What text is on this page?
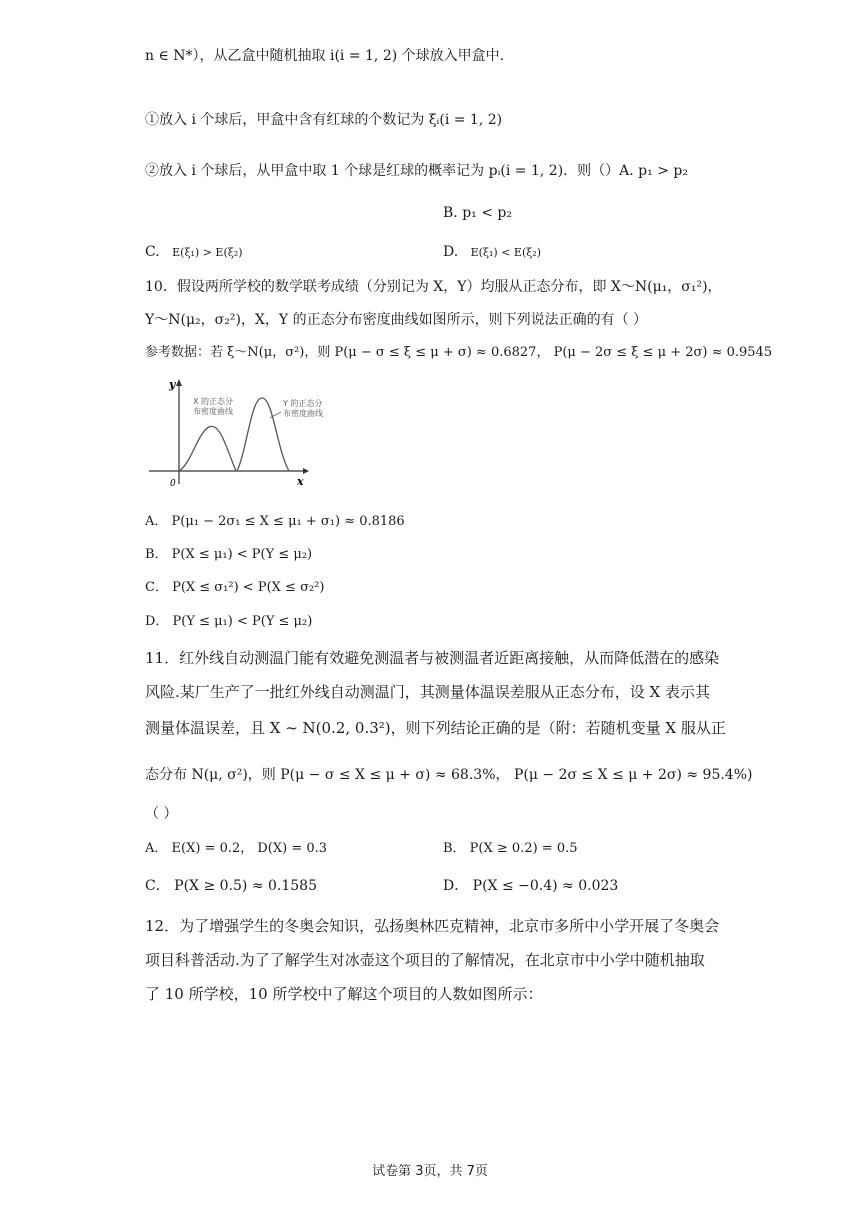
n ∈ N*），从乙盒中随机抽取 i(i = 1, 2) 个球放入甲盒中.
①放入 i 个球后，甲盒中含有红球的个数记为 ξᵢ(i = 1, 2)
②放入 i 个球后，从甲盒中取 1 个球是红球的概率记为 pᵢ(i = 1, 2)．则（）A. p₁ > p₂
B. p₁ < p₂
C. E(ξ₁) > E(ξ₂)	D. E(ξ₁) < E(ξ₂)
10．假设两所学校的数学联考成绩（分别记为 X，Y）均服从正态分布，即 X～N(μ₁，σ₁²)，
Y～N(μ₂，σ₂²)，X，Y 的正态分布密度曲线如图所示，则下列说法正确的有（ ）
参考数据：若 ξ～N(μ，σ²)，则 P(μ − σ ≤ ξ ≤ μ + σ) ≈ 0.6827， P(μ − 2σ ≤ ξ ≤ μ + 2σ) ≈ 0.9545
y
x
0
X 的正态分
布密度曲线
Y 的正态分
布密度曲线
A． P(μ₁ − 2σ₁ ≤ X ≤ μ₁ + σ₁) ≈ 0.8186
B． P(X ≤ μ₁) < P(Y ≤ μ₂)
C． P(X ≤ σ₁²) < P(X ≤ σ₂²)
D． P(Y ≤ μ₁) < P(Y ≤ μ₂)
11．红外线自动测温门能有效避免测温者与被测温者近距离接触，从而降低潜在的感染
风险.某厂生产了一批红外线自动测温门，其测量体温误差服从正态分布，设 X 表示其
测量体温误差，且 X ~ N(0.2, 0.3²)，则下列结论正确的是（附：若随机变量 X 服从正
态分布 N(μ, σ²)，则 P(μ − σ ≤ X ≤ μ + σ) ≈ 68.3%， P(μ − 2σ ≤ X ≤ μ + 2σ) ≈ 95.4%)
（ ）
A． E(X) = 0.2， D(X) = 0.3	B． P(X ≥ 0.2) = 0.5
C． P(X ≥ 0.5) ≈ 0.1585	D． P(X ≤ −0.4) ≈ 0.023
12．为了增强学生的冬奥会知识，弘扬奥林匹克精神，北京市多所中小学开展了冬奥会
项目科普活动.为了了解学生对冰壶这个项目的了解情况，在北京市中小学中随机抽取
了 10 所学校，10 所学校中了解这个项目的人数如图所示：
试卷第 3页，共 7页
